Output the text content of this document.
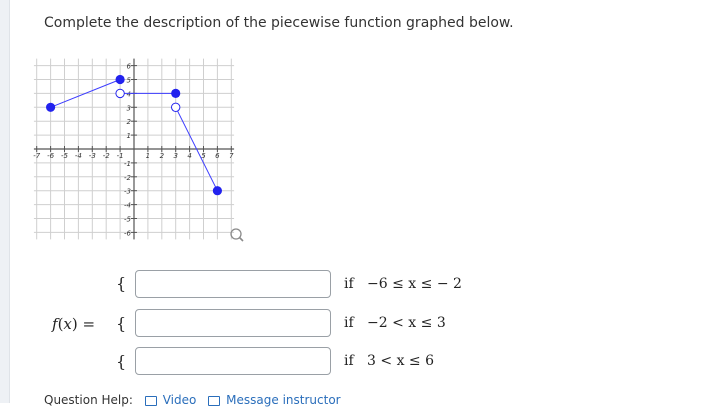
Complete the description of the piecewise function graphed below.
-7 -6 -5 -4 -3 -2 -1	1 2 3 4 5 6 7
6
5
4
3
2
1
-1
-2
-3
-4
-5
-6
f(x) =
{	if −6 ≤ x ≤ − 2
{	if −2 < x ≤ 3
{	if 3 < x ≤ 6
Question Help: Video Message instructor
